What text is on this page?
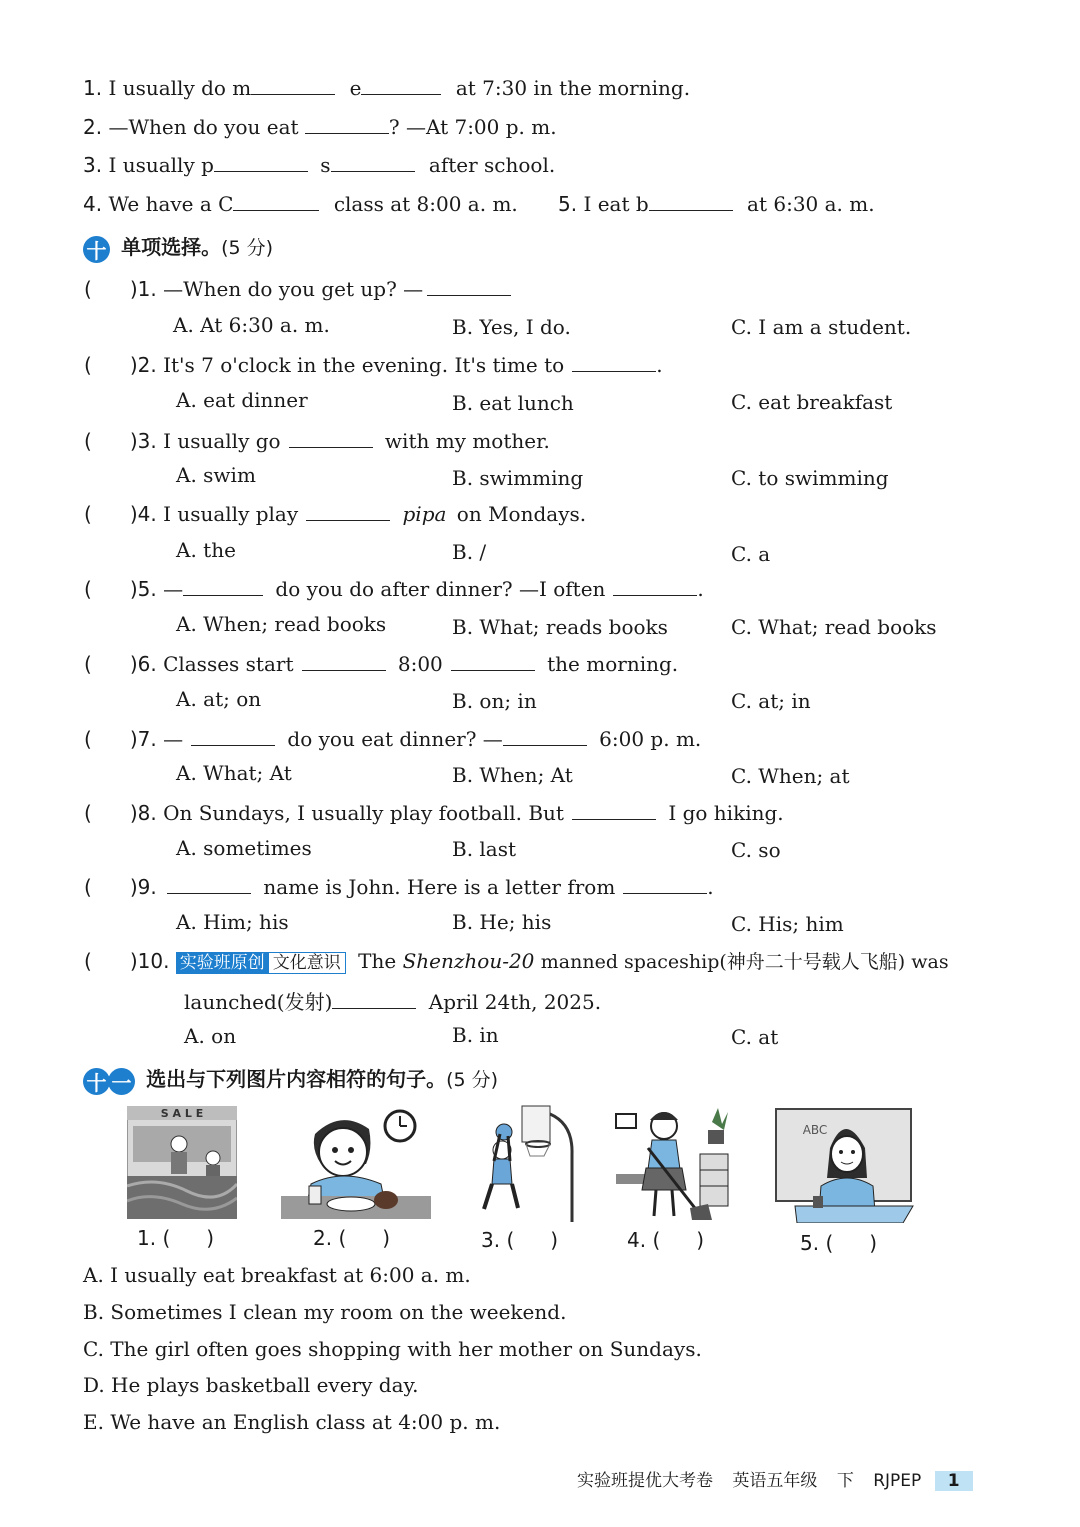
1. I usually do m	e	at 7:30 in the morning.
2. —When do you eat	? —At 7:00 p. m.
3. I usually p	s	after school.
4. We have a C	class at 8:00 a. m. 5. I eat b	at 6:30 a. m.
十 单项选择。(5 分)
( )1. —When do you get up? —
A. At 6:30 a. m.	B. Yes, I do.	C. I am a student.
( )2. It's 7 o'clock in the evening. It's time to	.
A. eat dinner	B. eat lunch	C. eat breakfast
( )3. I usually go	with my mother.
A. swim	B. swimming	C. to swimming
( )4. I usually play	pipa on Mondays.
A. the	B. /	C. a
( )5. —	do you do after dinner? —I often	.
A. When; read books	B. What; reads books	C. What; read books
( )6. Classes start	8:00	the morning.
A. at; on	B. on; in	C. at; in
( )7. —	do you eat dinner? —	6:00 p. m.
A. What; At	B. When; At	C. When; at
( )8. On Sundays, I usually play football. But	I go hiking.
A. sometimes	B. last	C. so
( )9.	name is John. Here is a letter from	.
A. Him; his	B. He; his	C. His; him
( )10. 实验班原创 文化意识 The Shenzhou-20 manned spaceship(神舟二十号载人飞船) was
launched(发射)	April 24th, 2025.
A. on	B. in	C. at
十 一 选出与下列图片内容相符的句子。(5 分)
S A L E
ABC
1. ( )	2. ( )	3. ( )	4. ( )	5. ( )
A. I usually eat breakfast at 6:00 a. m.
B. Sometimes I clean my room on the weekend.
C. The girl often goes shopping with her mother on Sundays.
D. He plays basketball every day.
E. We have an English class at 4:00 p. m.
实验班提优大考卷 英语五年级 下 RJPEP 1
